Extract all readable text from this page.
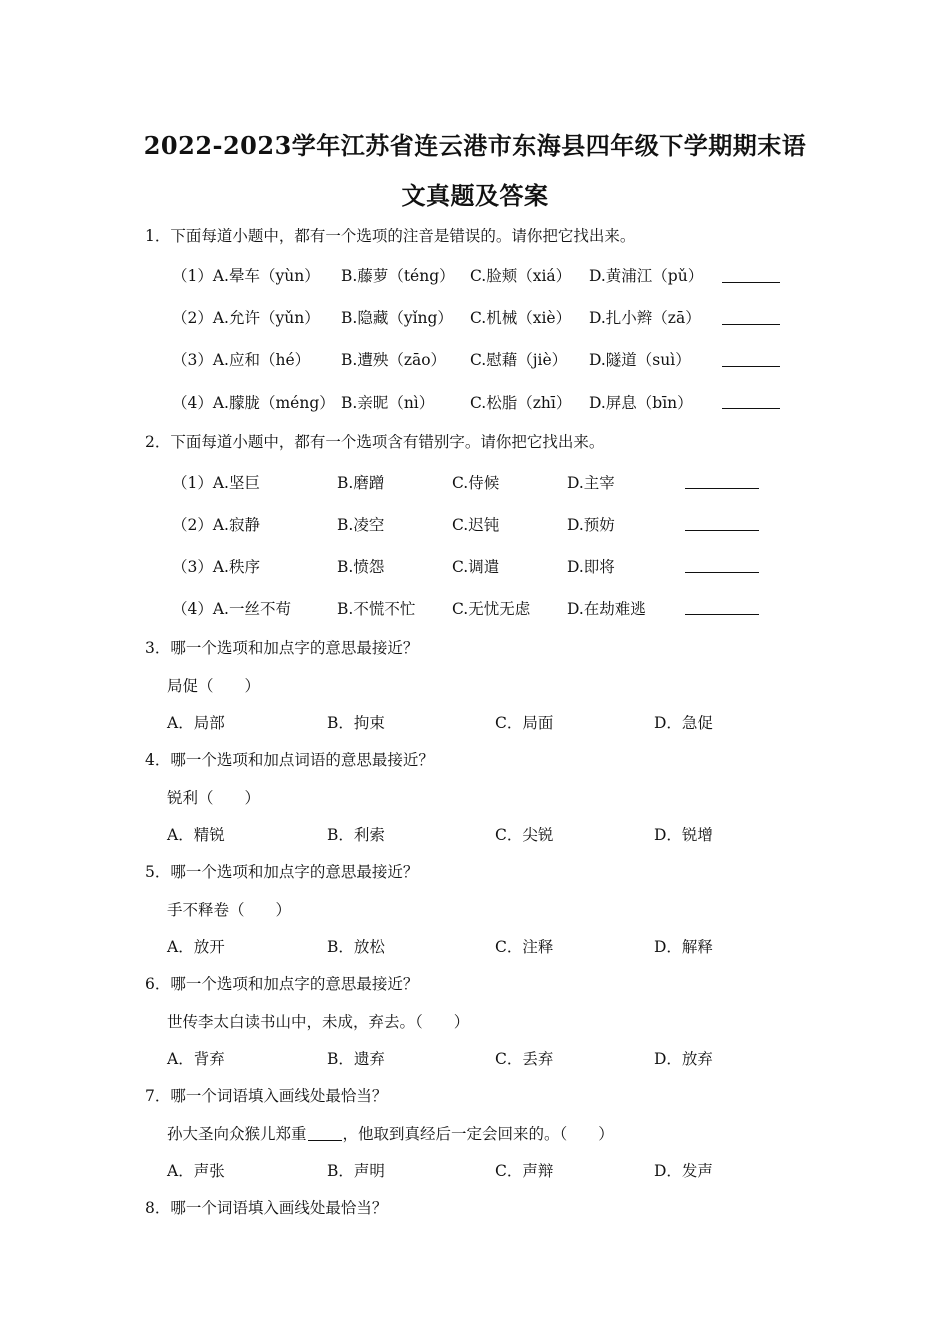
2022-2023学年江苏省连云港市东海县四年级下学期期末语
文真题及答案
1．下面每道小题中，都有一个选项的注音是错误的。请你把它找出来。
（1）A.晕车（yùn） B.藤萝（téng） C.脸颊（xiá） D.黄浦江（pǔ）
（2）A.允许（yǔn） B.隐藏（yǐng） C.机械（xiè） D.扎小辫（zā）
（3）A.应和（hé） B.遭殃（zāo） C.慰藉（jiè） D.隧道（suì）
（4）A.朦胧（méng） B.亲昵（nì） C.松脂（zhī） D.屏息（bīn）
2．下面每道小题中，都有一个选项含有错别字。请你把它找出来。
（1）A.坚巨	B.磨蹭	C.侍候	D.主宰
（2）A.寂静	B.凌空	C.迟钝	D.预妨
（3）A.秩序	B.愤怨	C.调遣	D.即将
（4）A.一丝不苟	B.不慌不忙 C.无忧无虑 D.在劫难逃
3．哪一个选项和加点字的意思最接近？
局促（　　）
A．局部	B．拘束	C．局面	D．急促
4．哪一个选项和加点词语的意思最接近？
锐利（　　）
A．精锐	B．利索	C．尖锐	D．锐增
5．哪一个选项和加点字的意思最接近？
手不释卷（　　）
A．放开	B．放松	C．注释	D．解释
6．哪一个选项和加点字的意思最接近？
世传李太白读书山中，未成，弃去。（　　）
A．背弃	B．遗弃	C．丢弃	D．放弃
7．哪一个词语填入画线处最恰当？
孙大圣向众猴儿郑重 ，他取到真经后一定会回来的。（　　）
A．声张	B．声明	C．声辩	D．发声
8．哪一个词语填入画线处最恰当？
